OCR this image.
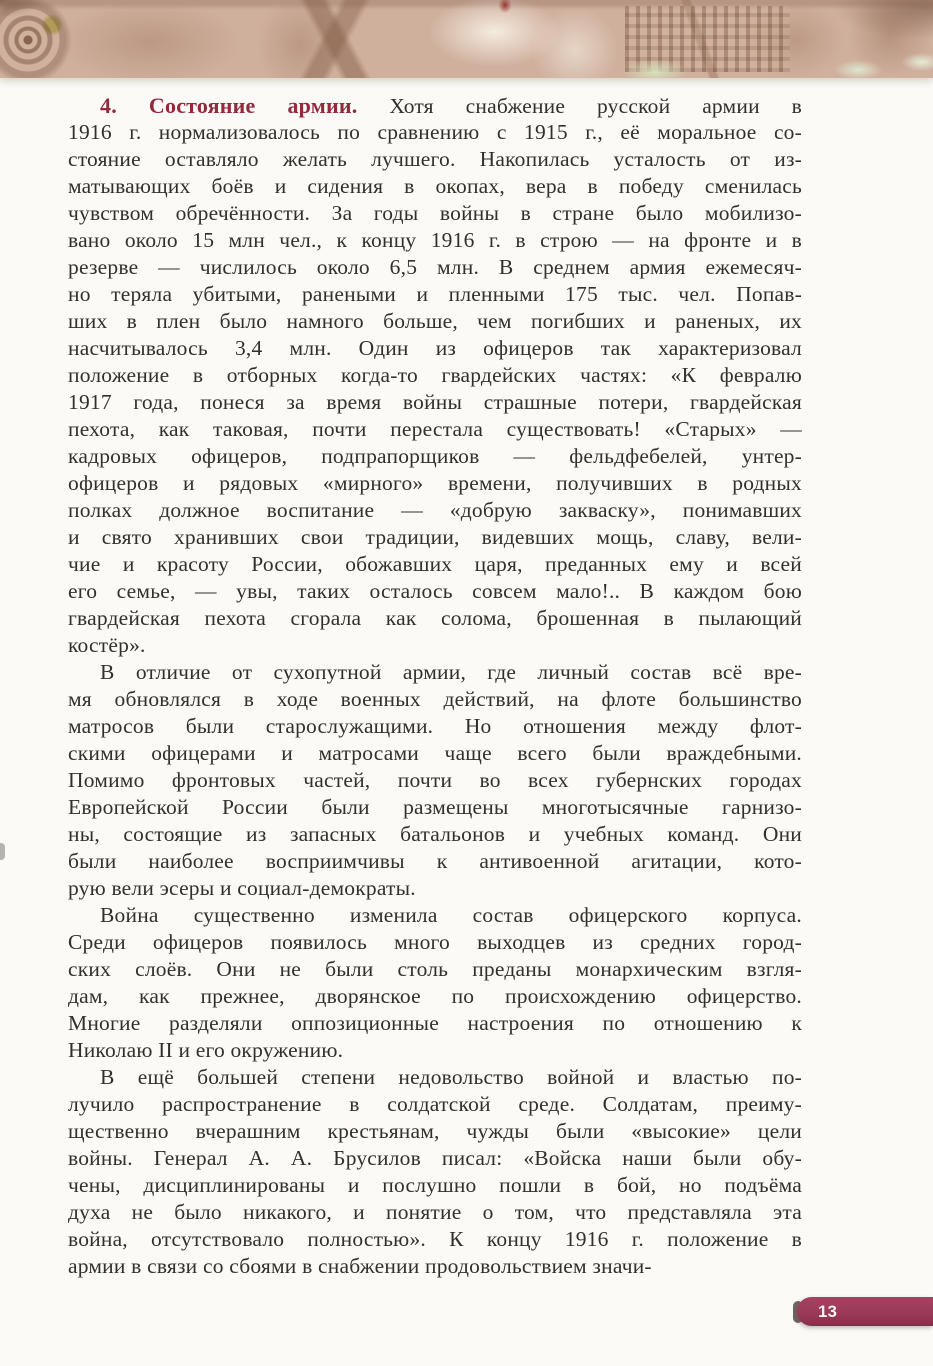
4. Состояние армии. Хотя снабжение русской армии в
1916 г. нормализовалось по сравнению с 1915 г., её моральное со-
стояние оставляло желать лучшего. Накопилась усталость от из-
матывающих боёв и сидения в окопах, вера в победу сменилась
чувством обречённости. За годы войны в стране было мобилизо-
вано около 15 млн чел., к концу 1916 г. в строю — на фронте и в
резерве — числилось около 6,5 млн. В среднем армия ежемесяч-
но теряла убитыми, ранеными и пленными 175 тыс. чел. Попав-
ших в плен было намного больше, чем погибших и раненых, их
насчитывалось 3,4 млн. Один из офицеров так характеризовал
положение в отборных когда-то гвардейских частях: «К февралю
1917 года, понеся за время войны страшные потери, гвардейская
пехота, как таковая, почти перестала существовать! «Старых» —
кадровых офицеров, подпрапорщиков — фельдфебелей, унтер-
офицеров и рядовых «мирного» времени, получивших в родных
полках должное воспитание — «добрую закваску», понимавших
и свято хранивших свои традиции, видевших мощь, славу, вели-
чие и красоту России, обожавших царя, преданных ему и всей
его семье, — увы, таких осталось совсем мало!.. В каждом бою
гвардейская пехота сгорала как солома, брошенная в пылающий
костёр».
В отличие от сухопутной армии, где личный состав всё вре-
мя обновлялся в ходе военных действий, на флоте большинство
матросов были старослужащими. Но отношения между флот-
скими офицерами и матросами чаще всего были враждебными.
Помимо фронтовых частей, почти во всех губернских городах
Европейской России были размещены многотысячные гарнизо-
ны, состоящие из запасных батальонов и учебных команд. Они
были наиболее восприимчивы к антивоенной агитации, кото-
рую вели эсеры и социал-демократы.
Война существенно изменила состав офицерского корпуса.
Среди офицеров появилось много выходцев из средних город-
ских слоёв. Они не были столь преданы монархическим взгля-
дам, как прежнее, дворянское по происхождению офицерство.
Многие разделяли оппозиционные настроения по отношению к
Николаю II и его окружению.
В ещё большей степени недовольство войной и властью по-
лучило распространение в солдатской среде. Солдатам, преиму-
щественно вчерашним крестьянам, чужды были «высокие» цели
войны. Генерал А. А. Брусилов писал: «Войска наши были обу-
чены, дисциплинированы и послушно пошли в бой, но подъёма
духа не было никакого, и понятие о том, что представляла эта
война, отсутствовало полностью». К концу 1916 г. положение в
армии в связи со сбоями в снабжении продовольствием значи-
13
